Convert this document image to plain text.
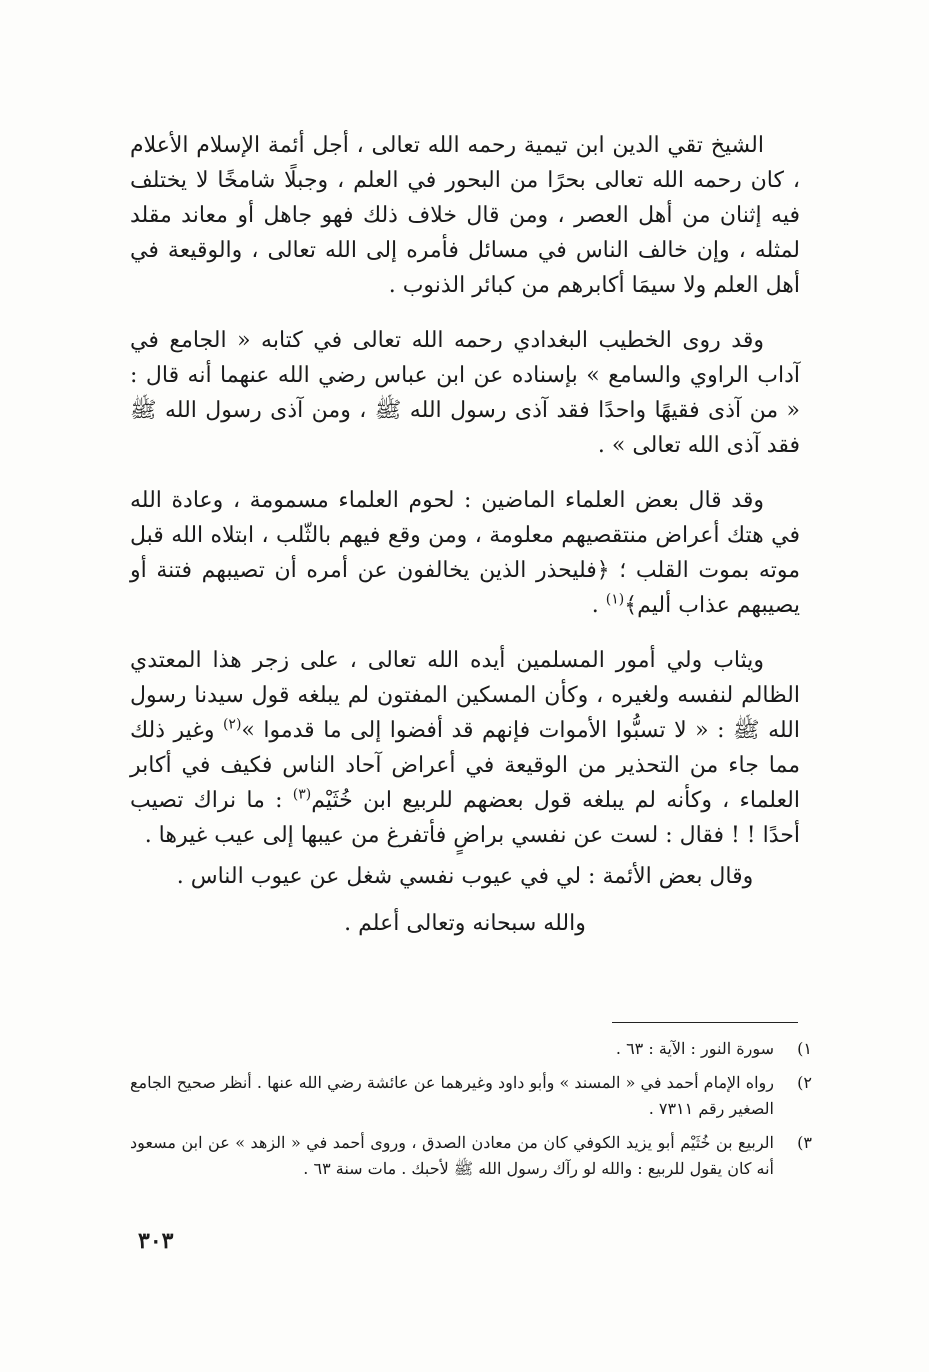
الشيخ تقي الدين ابن تيمية رحمه الله تعالى ، أجل أئمة الإسلام الأعلام ، كان رحمه الله تعالى بحرًا من البحور في العلم ، وجبلًا شامخًا لا يختلف فيه إثنان من أهل العصر ، ومن قال خلاف ذلك فهو جاهل أو معاند مقلد لمثله ، وإن خالف الناس في مسائل فأمره إلى الله تعالى ، والوقيعة في أهل العلم ولا سيمَا أكابرهم من كبائر الذنوب .

وقد روى الخطيب البغدادي رحمه الله تعالى في كتابه « الجامع في آداب الراوي والسامع » بإسناده عن ابن عباس رضي الله عنهما أنه قال : « من آذى فقيهًا واحدًا فقد آذى رسول الله ﷺ ، ومن آذى رسول الله ﷺ فقد آذى الله تعالى » .

وقد قال بعض العلماء الماضين : لحوم العلماء مسمومة ، وعادة الله في هتك أعراض منتقصيهم معلومة ، ومن وقع فيهم بالثّلب ، ابتلاه الله قبل موته بموت القلب ؛ ﴿فليحذر الذين يخالفون عن أمره أن تصيبهم فتنة أو يصيبهم عذاب أليم﴾$^{(١)}$ .

ويثاب ولي أمور المسلمين أيده الله تعالى ، على زجر هذا المعتدي الظالم لنفسه ولغيره ، وكأن المسكين المفتون لم يبلغه قول سيدنا رسول الله ﷺ : « لا تسبُّوا الأموات فإنهم قد أفضوا إلى ما قدموا »$^{(٢)}$ وغير ذلك مما جاء من التحذير من الوقيعة في أعراض آحاد الناس فكيف في أكابر العلماء ، وكأنه لم يبلغه قول بعضهم للربيع ابن خُثَيْم$^{(٣)}$ : ما نراك تصيب أحدًا ! ! فقال : لست عن نفسي براضٍ فأتفرغ من عيبها إلى عيب غيرها .

وقال بعض الأئمة : لي في عيوب نفسي شغل عن عيوب الناس .

والله سبحانه وتعالى أعلم .

١)
سورة النور : الآية : ٦٣ .
٢)
رواه الإمام أحمد في « المسند » وأبو داود وغيرهما عن عائشة رضي الله عنها . أنظر صحيح الجامع الصغير رقم ٧٣١١ .
٣)
الربيع بن خُثَيْم أبو يزيد الكوفي كان من معادن الصدق ، وروى أحمد في « الزهد » عن ابن مسعود أنه كان يقول للربيع : والله لو رآك رسول الله ﷺ لأحبك . مات سنة ٦٣ .
٣٠٣
